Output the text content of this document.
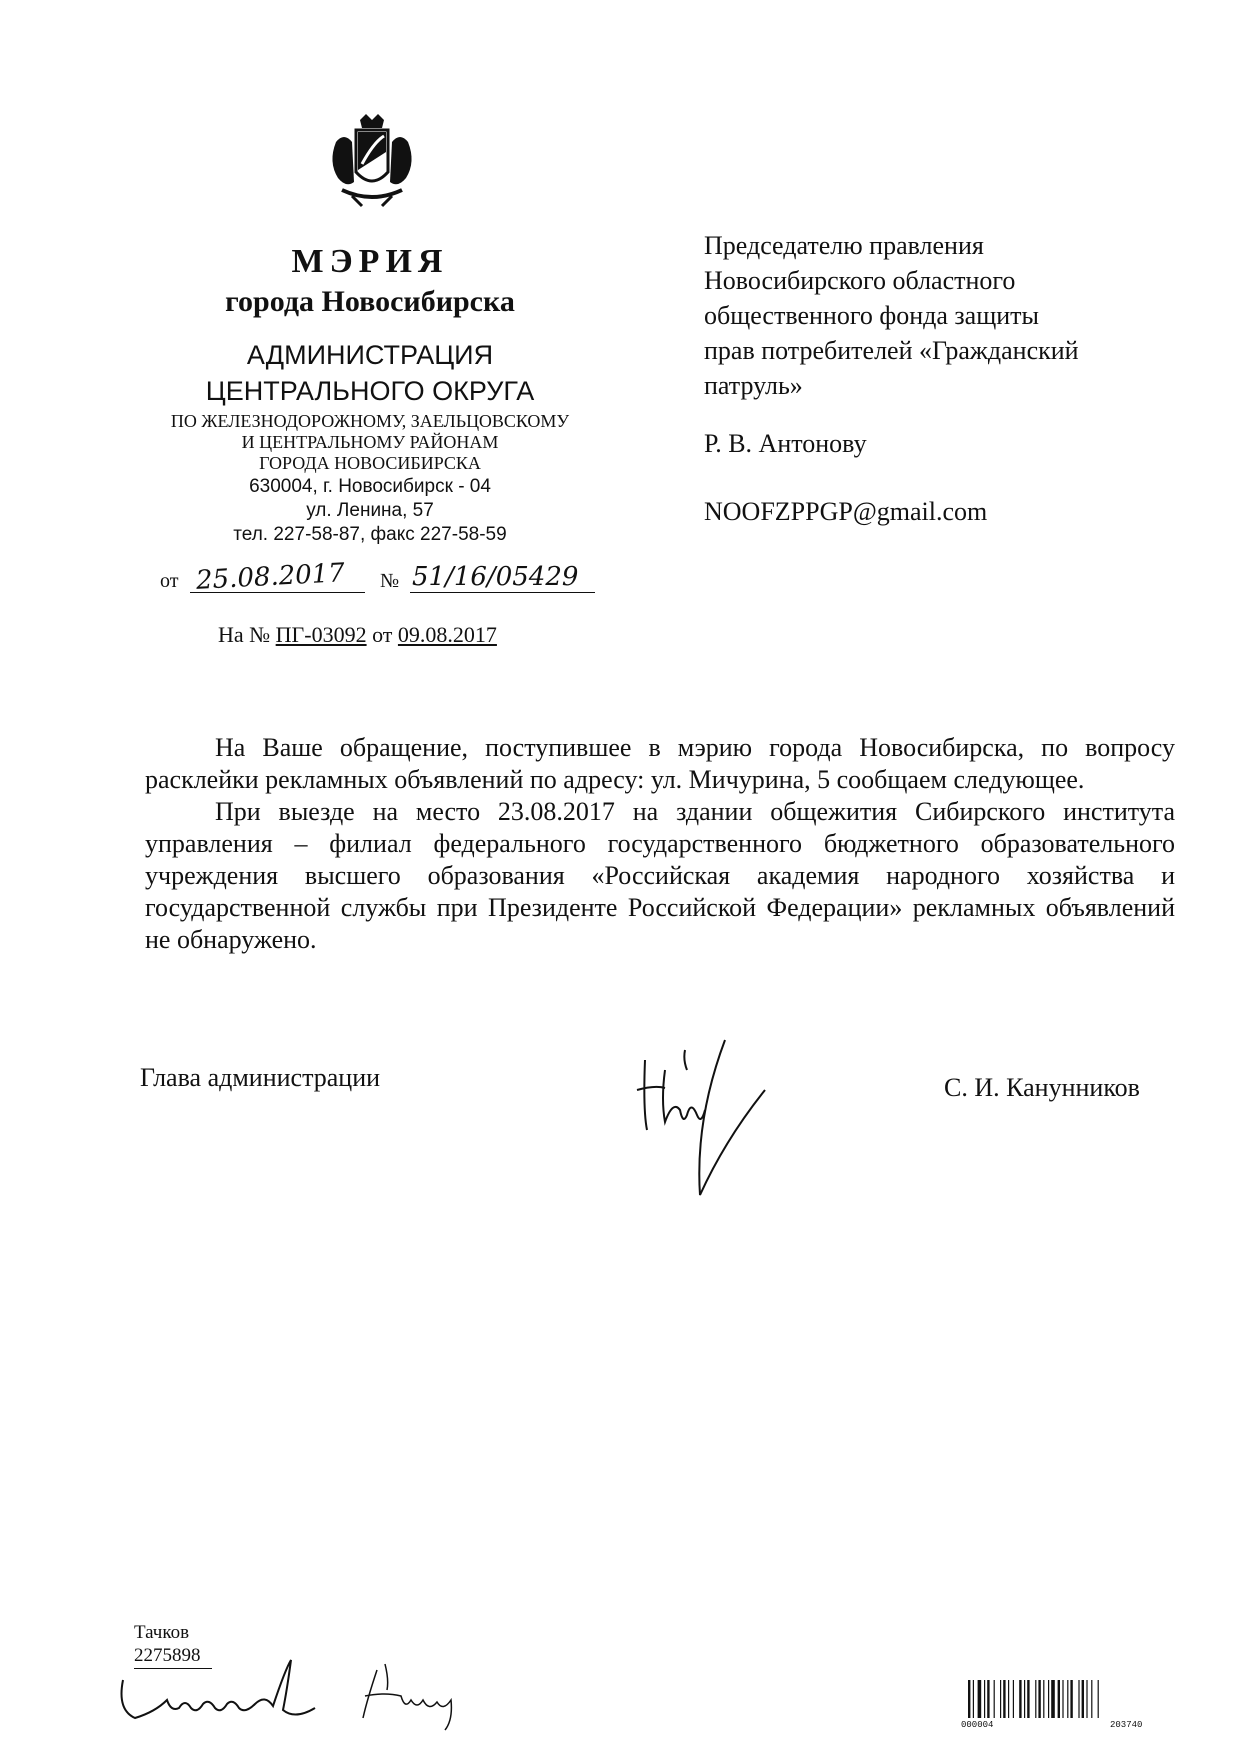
МЭРИЯ
города Новосибирска
АДМИНИСТРАЦИЯ
ЦЕНТРАЛЬНОГО ОКРУГА
ПО ЖЕЛЕЗНОДОРОЖНОМУ, ЗАЕЛЬЦОВСКОМУ
И ЦЕНТРАЛЬНОМУ РАЙОНАМ
ГОРОДА НОВОСИБИРСКА
630004, г. Новосибирск - 04
ул. Ленина, 57
тел. 227-58-87, факс 227-58-59
от 25.08.2017 № 51/16/05429
На № ПГ-03092 от 09.08.2017
Председателю правления
Новосибирского областного
общественного фонда защиты
прав потребителей «Гражданский
патруль»
Р. В. Антонову
NOOFZPPGP@gmail.com

На Ваше обращение, поступившее в мэрию города Новосибирска, по вопросу расклейки рекламных объявлений по адресу: ул. Мичурина, 5 сообщаем следующее.

При выезде на место 23.08.2017 на здании общежития Сибирского института управления – филиал федерального государственного бюджетного образовательного учреждения высшего образования «Российская академия народного хозяйства и государственной службы при Президенте Российской Федерации» рекламных объявлений не обнаружено.

Глава администрации	С. И. Канунников
Тачков
2275898
000004	203740
